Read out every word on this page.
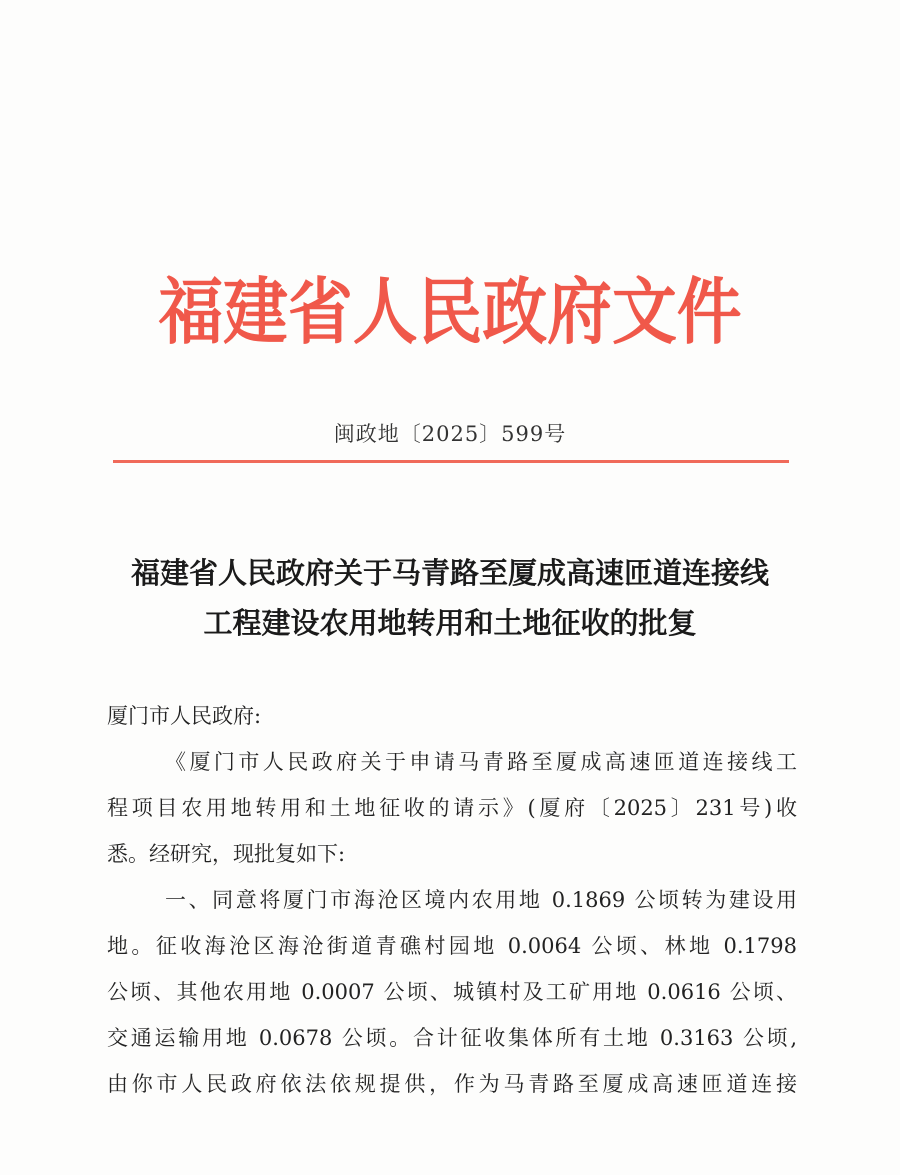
福建省人民政府文件
闽政地〔2025〕599号
福建省人民政府关于马青路至厦成高速匝道连接线
工程建设农用地转用和土地征收的批复
厦门市人民政府:
《厦门市人民政府关于申请马青路至厦成高速匝道连接线工
程项目农用地转用和土地征收的请示》(厦府〔2025〕231号)收
悉。经研究，现批复如下:
一、同意将厦门市海沧区境内农用地 0.1869 公顷转为建设用
地。征收海沧区海沧街道青礁村园地 0.0064 公顷、林地 0.1798
公顷、其他农用地 0.0007 公顷、城镇村及工矿用地 0.0616 公顷、
交通运输用地 0.0678 公顷。合计征收集体所有土地 0.3163 公顷,
由你市人民政府依法依规提供，作为马青路至厦成高速匝道连接
